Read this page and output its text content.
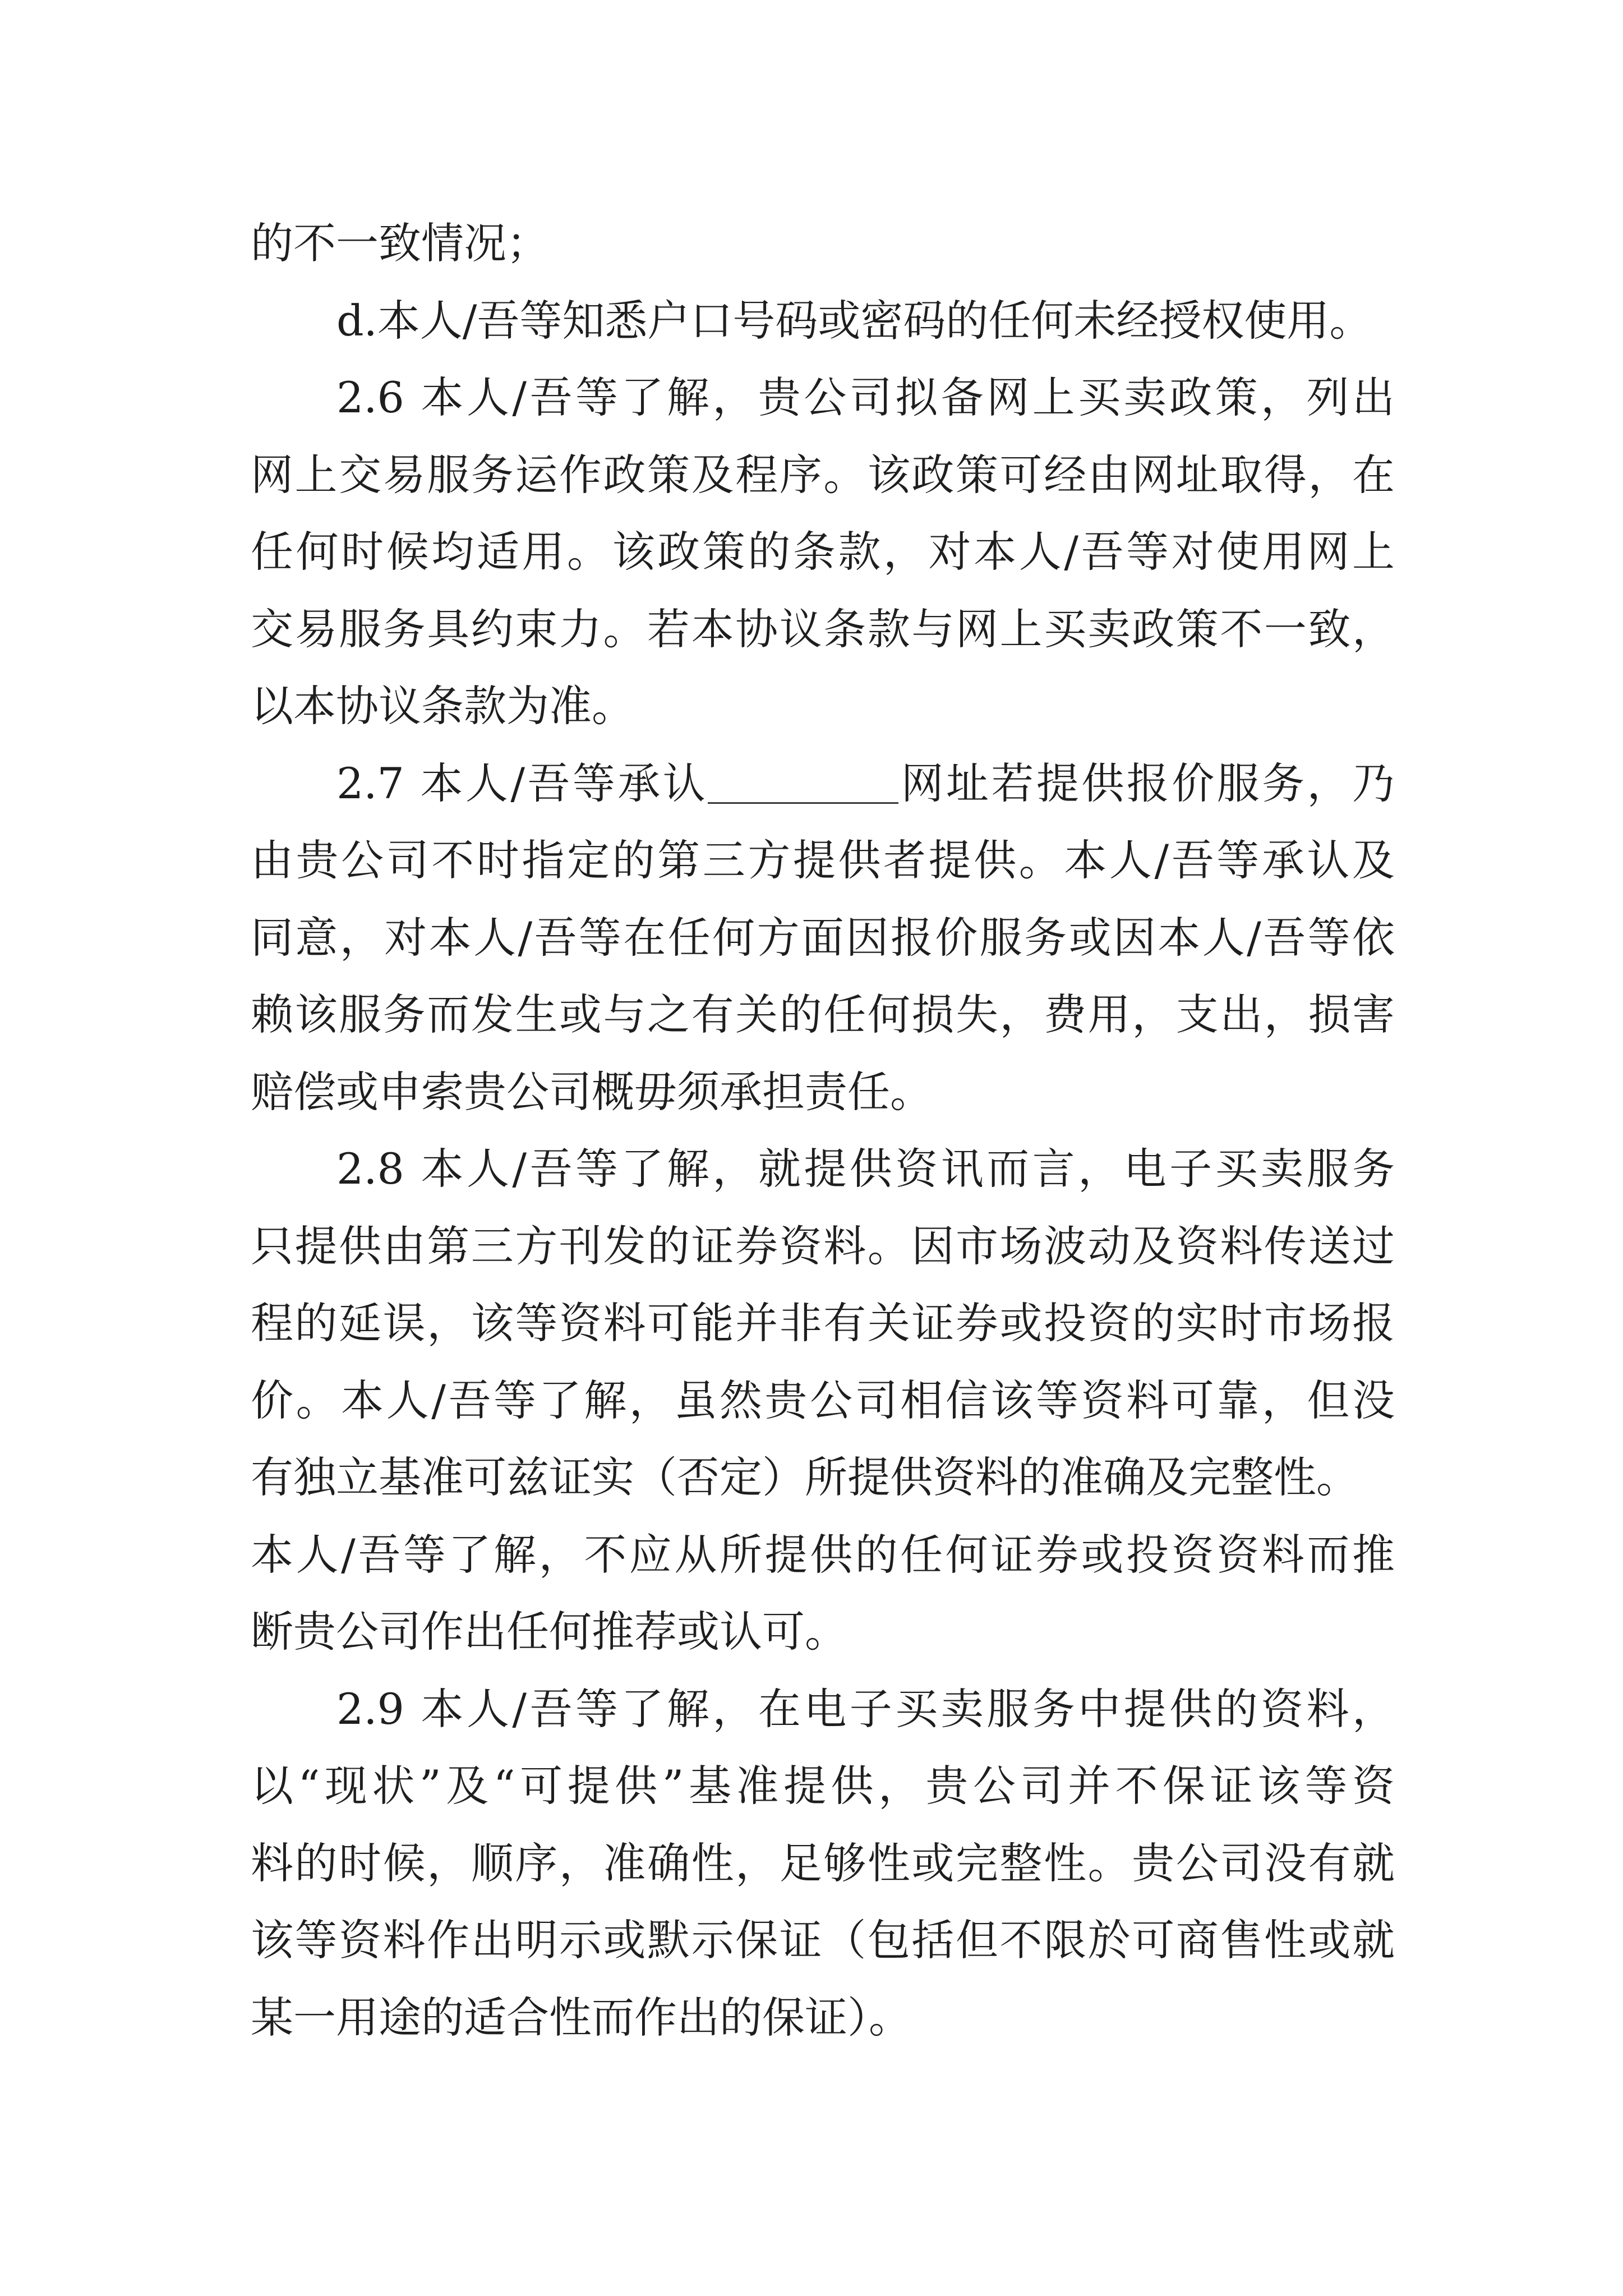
的不一致情况；
d.本人/吾等知悉户口号码或密码的任何未经授权使用。
2.6 本人/吾等了解，贵公司拟备网上买卖政策，列出
网上交易服务运作政策及程序。该政策可经由网址取得，在
任何时候均适用。该政策的条款，对本人/吾等对使用网上
交易服务具约束力。若本协议条款与网上买卖政策不一致，
以本协议条款为准。
2.7 本人/吾等承认	网址若提供报价服务，乃
由贵公司不时指定的第三方提供者提供。本人/吾等承认及
同意，对本人/吾等在任何方面因报价服务或因本人/吾等依
赖该服务而发生或与之有关的任何损失，费用，支出，损害
赔偿或申索贵公司概毋须承担责任。
2.8 本人/吾等了解，就提供资讯而言，电子买卖服务
只提供由第三方刊发的证券资料。因市场波动及资料传送过
程的延误，该等资料可能并非有关证券或投资的实时市场报
价。本人/吾等了解，虽然贵公司相信该等资料可靠，但没
有独立基准可兹证实（否定）所提供资料的准确及完整性。
本人/吾等了解，不应从所提供的任何证券或投资资料而推
断贵公司作出任何推荐或认可。
2.9 本人/吾等了解，在电子买卖服务中提供的资料，
以“现状”及“可提供”基准提供，贵公司并不保证该等资
料的时候，顺序，准确性，足够性或完整性。贵公司没有就
该等资料作出明示或默示保证（包括但不限於可商售性或就
某一用途的适合性而作出的保证）。
